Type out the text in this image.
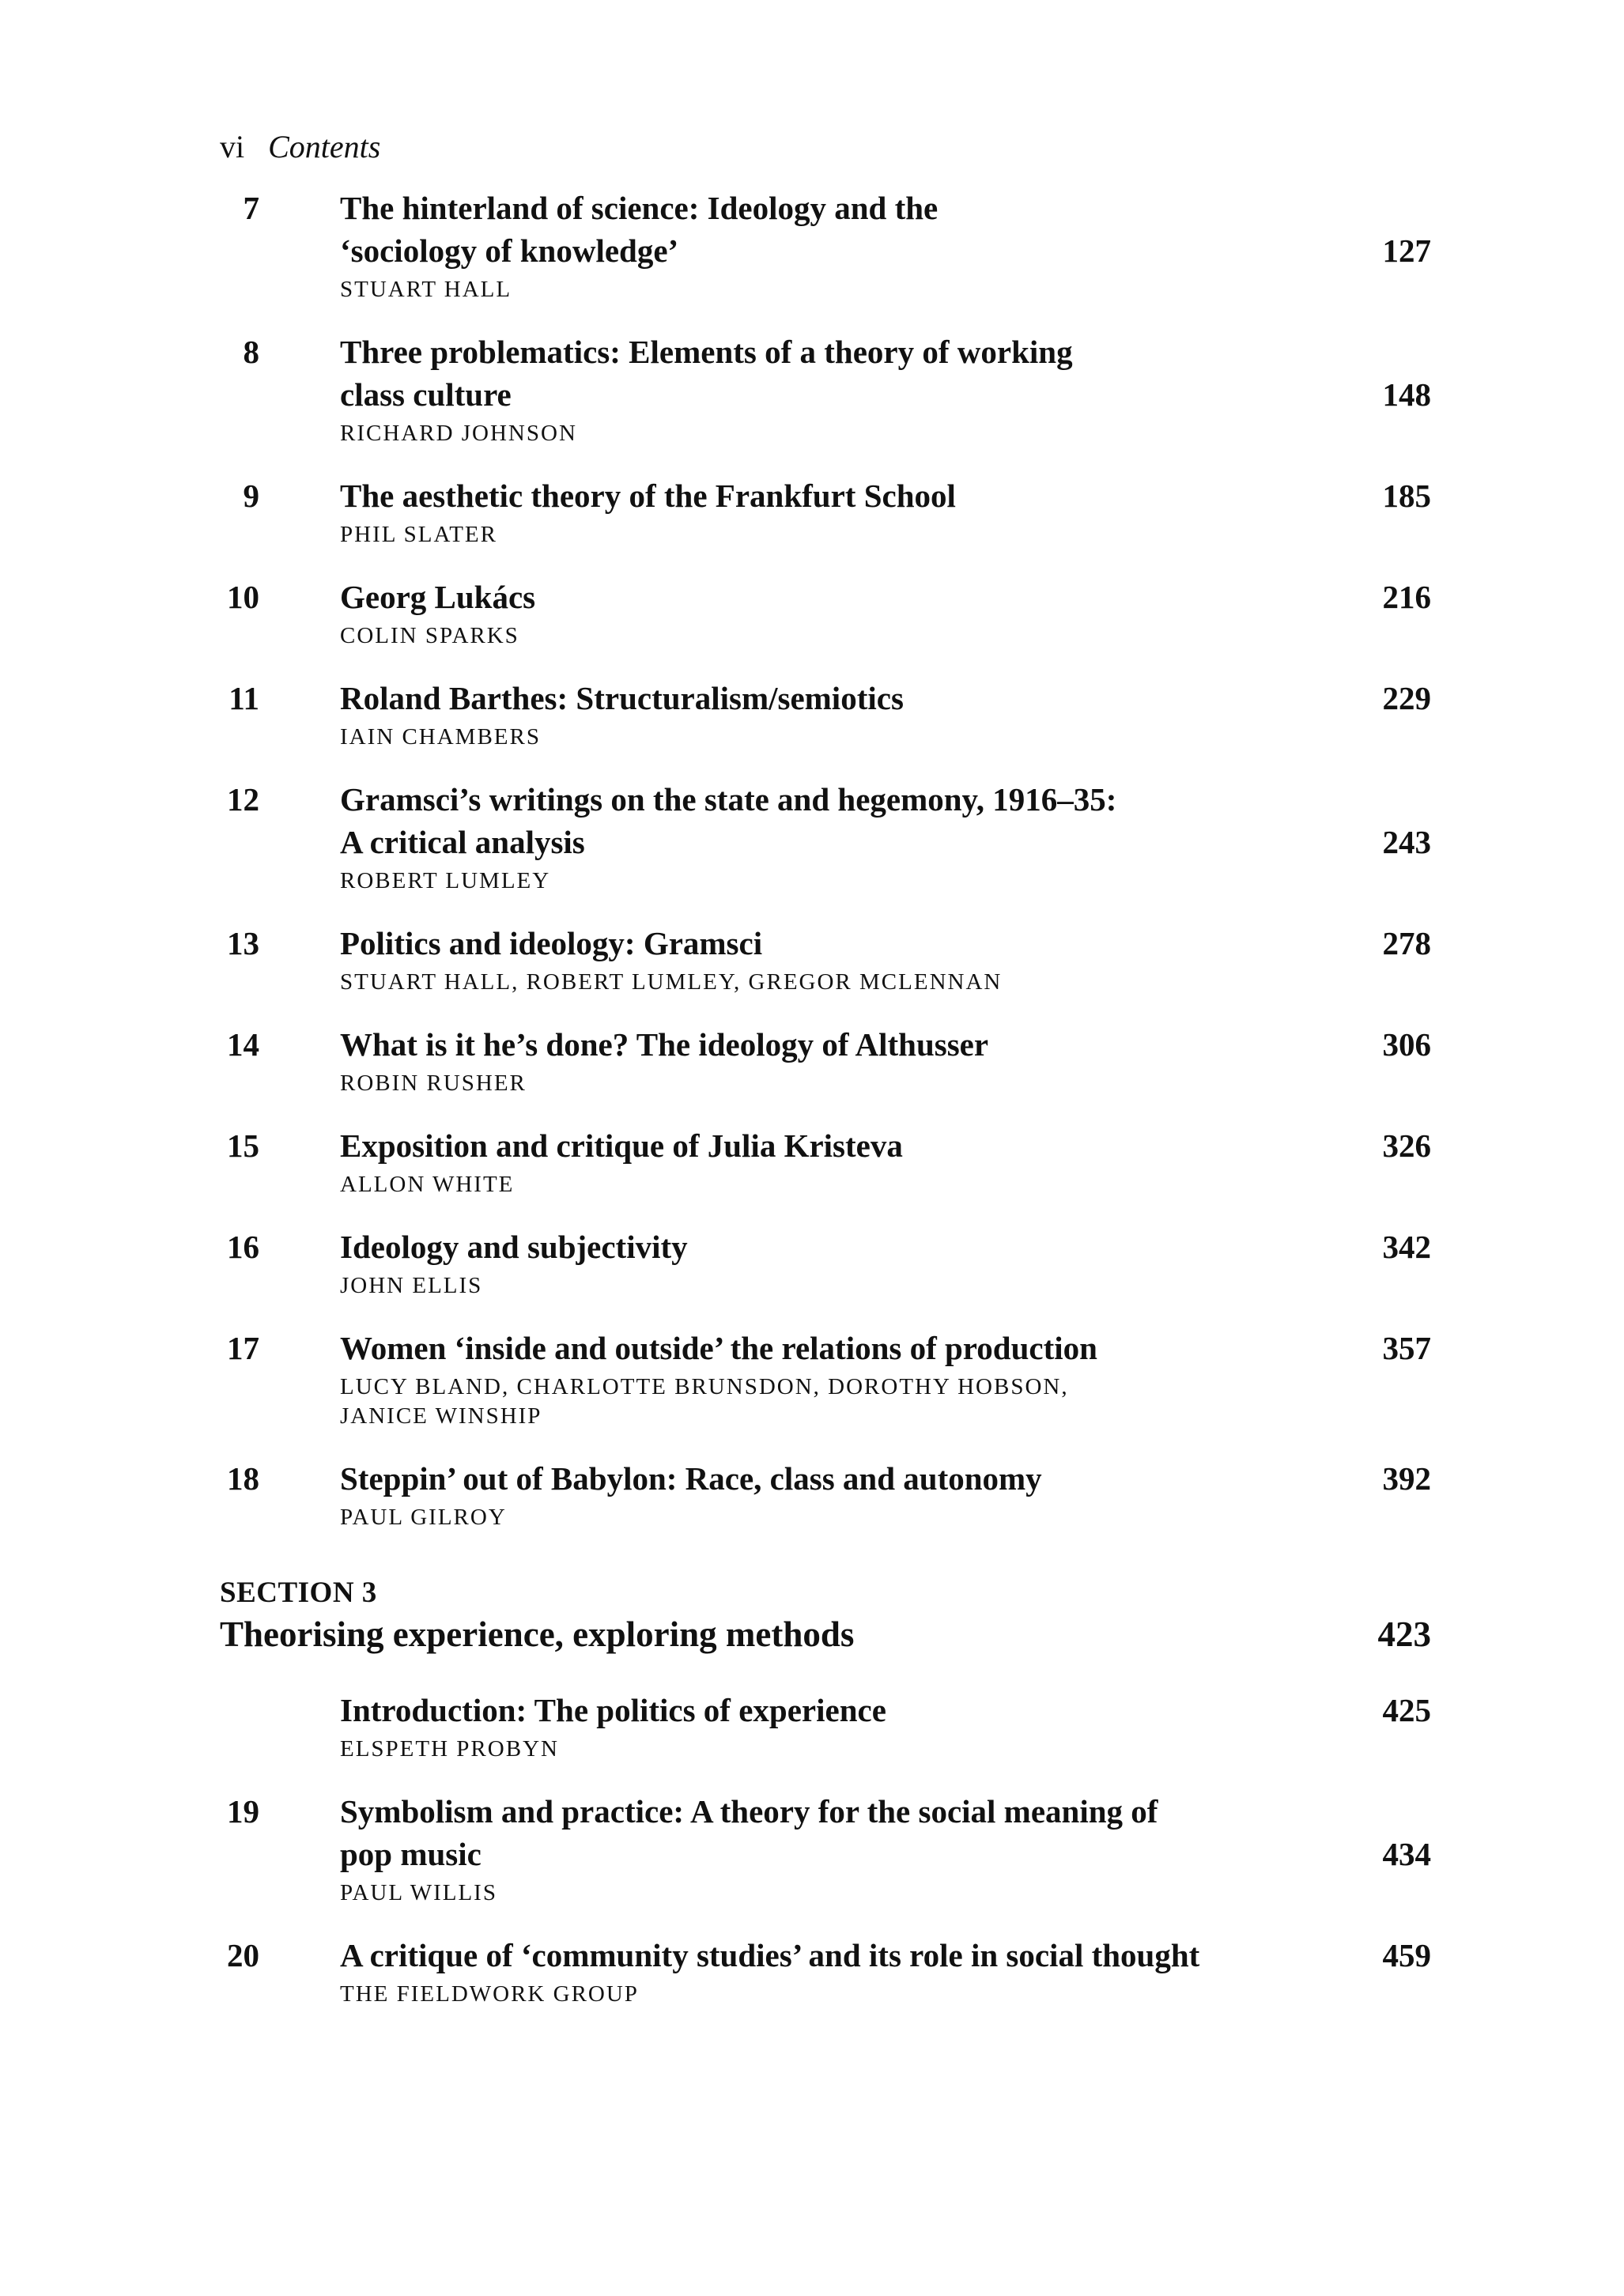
vi Contents
7 The hinterland of science: Ideology and the
‘sociology of knowledge’	127
STUART HALL
8 Three problematics: Elements of a theory of working
class culture	148
RICHARD JOHNSON
9 The aesthetic theory of the Frankfurt School	185
PHIL SLATER
10 Georg Lukács	216
COLIN SPARKS
11 Roland Barthes: Structuralism/semiotics	229
IAIN CHAMBERS
12 Gramsci’s writings on the state and hegemony, 1916–35:
A critical analysis	243
ROBERT LUMLEY
13 Politics and ideology: Gramsci	278
STUART HALL, ROBERT LUMLEY, GREGOR MCLENNAN
14 What is it he’s done? The ideology of Althusser	306
ROBIN RUSHER
15 Exposition and critique of Julia Kristeva	326
ALLON WHITE
16 Ideology and subjectivity	342
JOHN ELLIS
17 Women ‘inside and outside’ the relations of production	357
LUCY BLAND, CHARLOTTE BRUNSDON, DOROTHY HOBSON,
JANICE WINSHIP
18 Steppin’ out of Babylon: Race, class and autonomy	392
PAUL GILROY
SECTION 3
Theorising experience, exploring methods	423
Introduction: The politics of experience	425
ELSPETH PROBYN
19 Symbolism and practice: A theory for the social meaning of
pop music	434
PAUL WILLIS
20 A critique of ‘community studies’ and its role in social thought	459
THE FIELDWORK GROUP
